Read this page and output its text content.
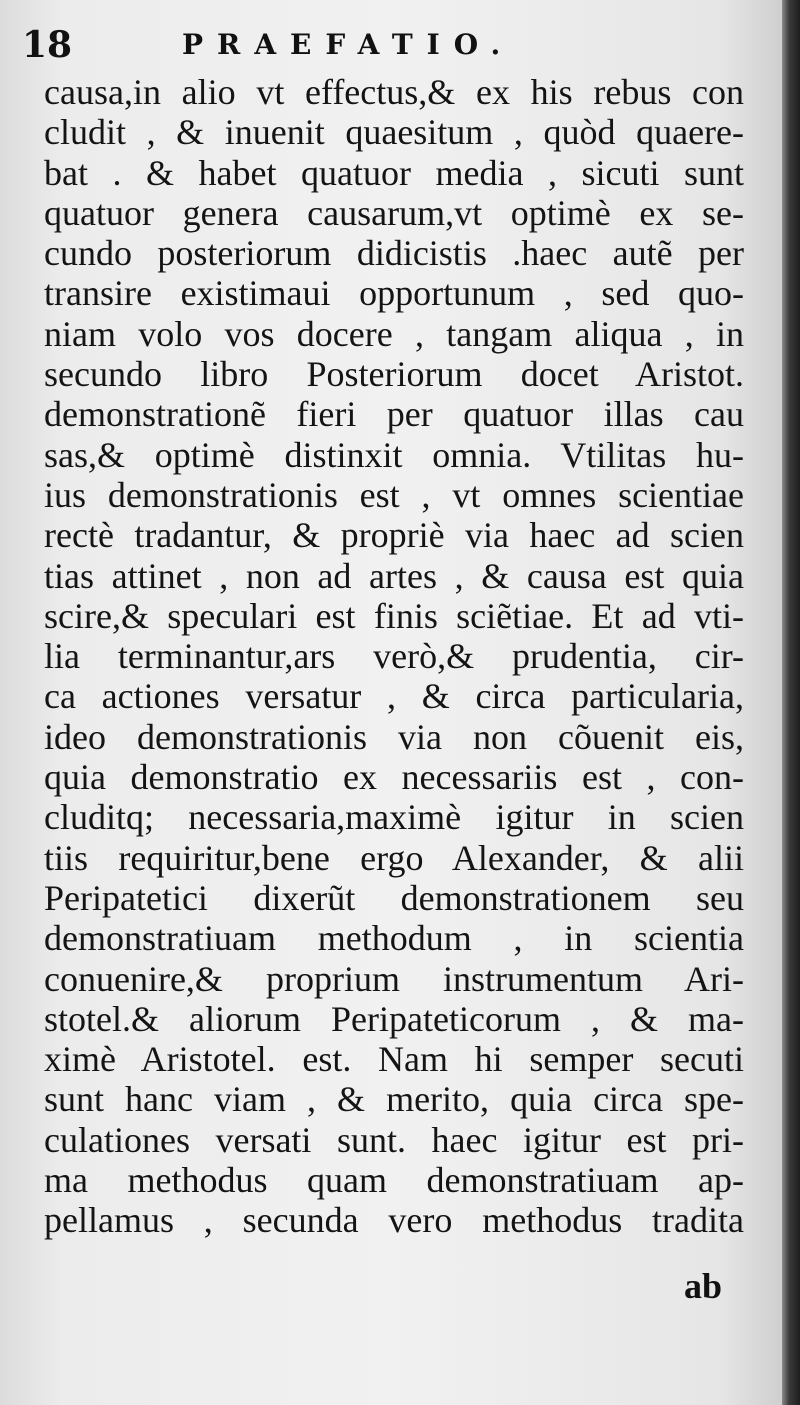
18	PRAEFATIO.
causa,in alio vt effectus,& ex his rebus con
cludit , & inuenit quaesitum , quòd quaere-
bat . & habet quatuor media , sicuti sunt
quatuor genera causarum,vt optimè ex se-
cundo posteriorum didicistis .haec autẽ per
transire existimaui opportunum , sed quo-
niam volo vos docere , tangam aliqua , in
secundo libro Posteriorum docet Aristot.
demonstrationẽ fieri per quatuor illas cau
sas,& optimè distinxit omnia. Vtilitas hu-
ius demonstrationis est , vt omnes scientiae
rectè tradantur, & propriè via haec ad scien
tias attinet , non ad artes , & causa est quia
scire,& speculari est finis sciẽtiae. Et ad vti-
lia terminantur,ars verò,& prudentia, cir-
ca actiones versatur , & circa particularia,
ideo demonstrationis via non cõuenit eis,
quia demonstratio ex necessariis est , con-
cluditq; necessaria,maximè igitur in scien
tiis requiritur,bene ergo Alexander, & alii
Peripatetici dixerũt demonstrationem seu
demonstratiuam methodum , in scientia
conuenire,& proprium instrumentum Ari-
stotel.& aliorum Peripateticorum , & ma-
ximè Aristotel. est. Nam hi semper secuti
sunt hanc viam , & merito, quia circa spe-
culationes versati sunt. haec igitur est pri-
ma methodus quam demonstratiuam ap-
pellamus , secunda vero methodus tradita
ab
